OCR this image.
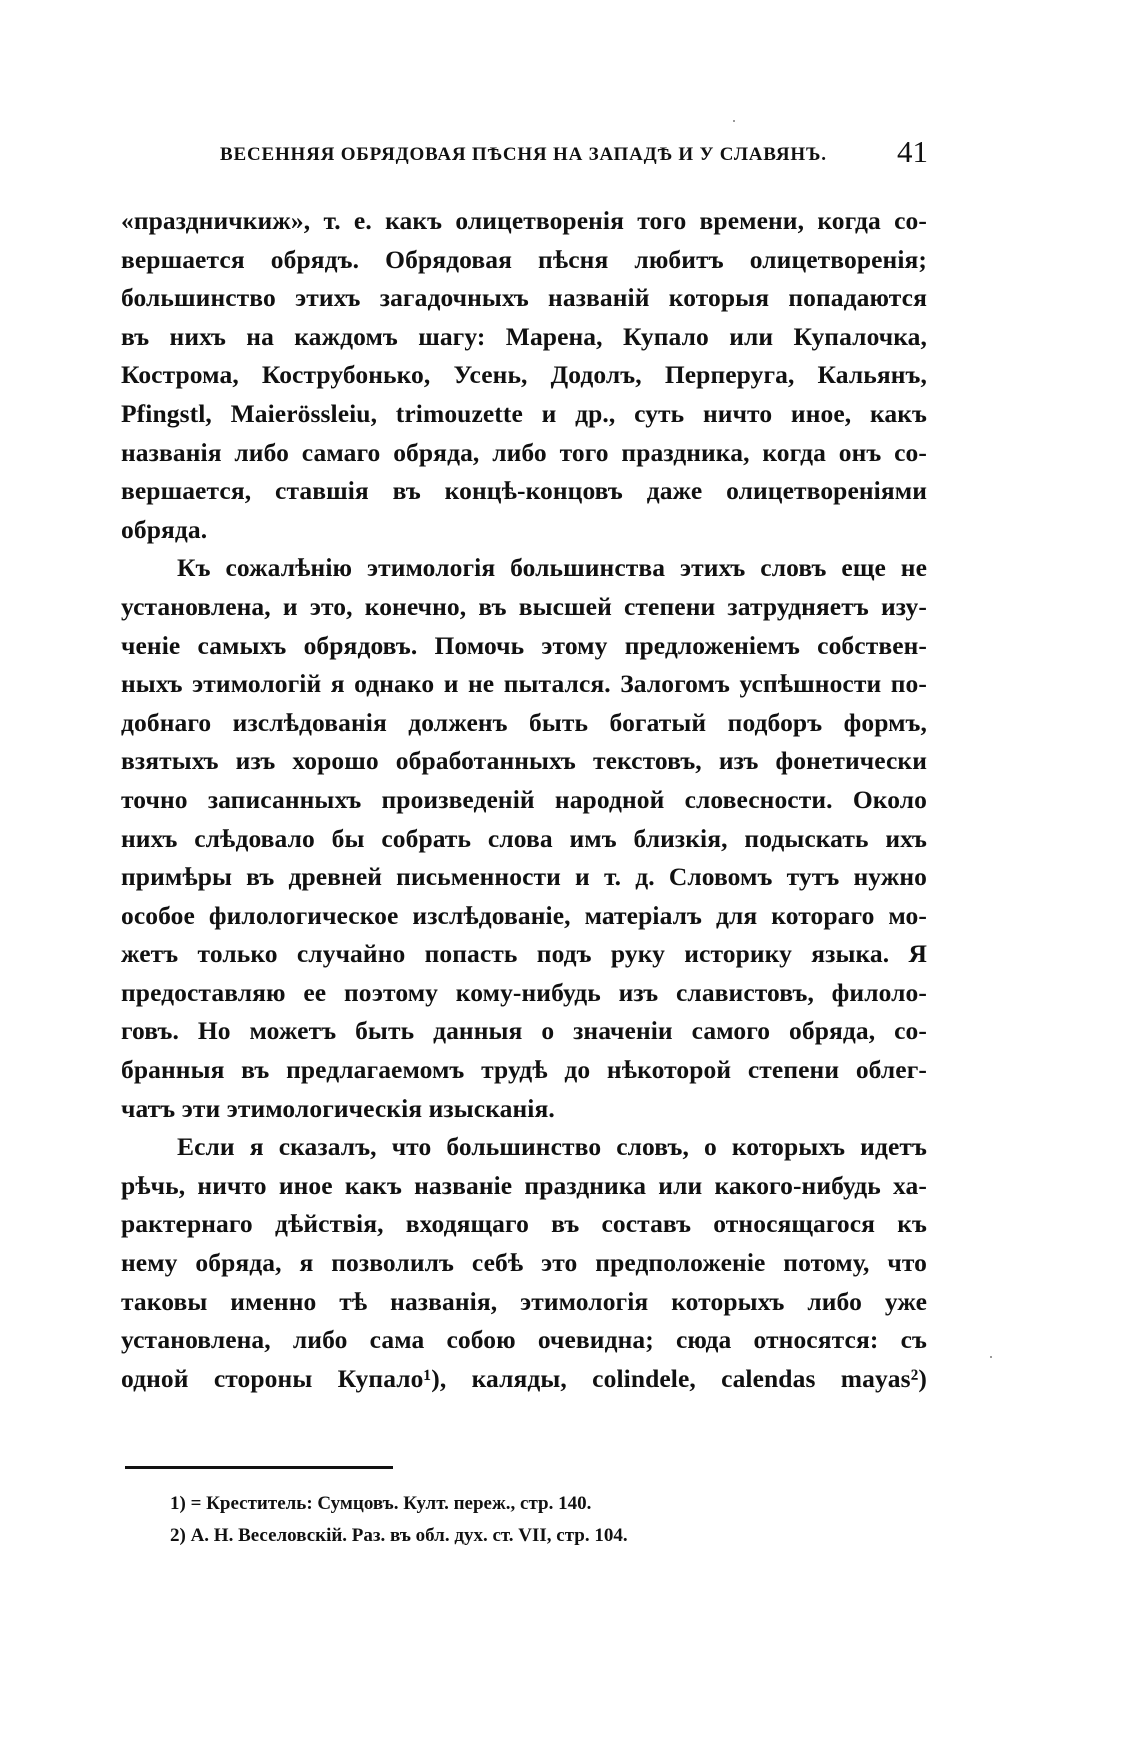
ВЕСЕННЯЯ ОБРЯДОВАЯ ПѢСНЯ НА ЗАПАДѢ И У СЛАВЯНЪ. 41
«праздничкиж», т. е. какъ олицетворенія того времени, когда со-
вершается обрядъ. Обрядовая пѣсня любитъ олицетворенія;
большинство этихъ загадочныхъ названій которыя попадаются
въ нихъ на каждомъ шагу: Марена, Купало или Купалочка,
Кострома, Кострубонько, Усень, Додолъ, Перперуга, Кальянъ,
Pfingstl, Maierössleiu, trimouzette и др., суть ничто иное, какъ
названія либо самаго обряда, либо того праздника, когда онъ со-
вершается, ставшія въ концѣ-концовъ даже олицетвореніями
обряда.
Къ сожалѣнію этимологія большинства этихъ словъ еще не
установлена, и это, конечно, въ высшей степени затрудняетъ изу-
ченіе самыхъ обрядовъ. Помочь этому предложеніемъ собствен-
ныхъ этимологій я однако и не пытался. Залогомъ успѣшности по-
добнаго изслѣдованія долженъ быть богатый подборъ формъ,
взятыхъ изъ хорошо обработанныхъ текстовъ, изъ фонетически
точно записанныхъ произведеній народной словесности. Около
нихъ слѣдовало бы собрать слова имъ близкія, подыскать ихъ
примѣры въ древней письменности и т. д. Словомъ тутъ нужно
особое филологическое изслѣдованіе, матеріалъ для котораго мо-
жетъ только случайно попасть подъ руку историку языка. Я
предоставляю ее поэтому кому-нибудь изъ славистовъ, филоло-
говъ. Но можетъ быть данныя о значеніи самого обряда, со-
бранныя въ предлагаемомъ трудѣ до нѣкоторой степени облег-
чатъ эти этимологическія изысканія.
Если я сказалъ, что большинство словъ, о которыхъ идетъ
рѣчь, ничто иное какъ названіе праздника или какого-нибудь ха-
рактернаго дѣйствія, входящаго въ составъ относящагося къ
нему обряда, я позволилъ себѣ это предположеніе потому, что
таковы именно тѣ названія, этимологія которыхъ либо уже
установлена, либо сама собою очевидна; сюда относятся: съ
одной стороны Купало¹), каляды, colindele, calendas mayas²)
1) = Креститель: Сумцовъ. Култ. переж., стр. 140.
2) А. Н. Веселовскій. Раз. въ обл. дух. ст. VII, стр. 104.
